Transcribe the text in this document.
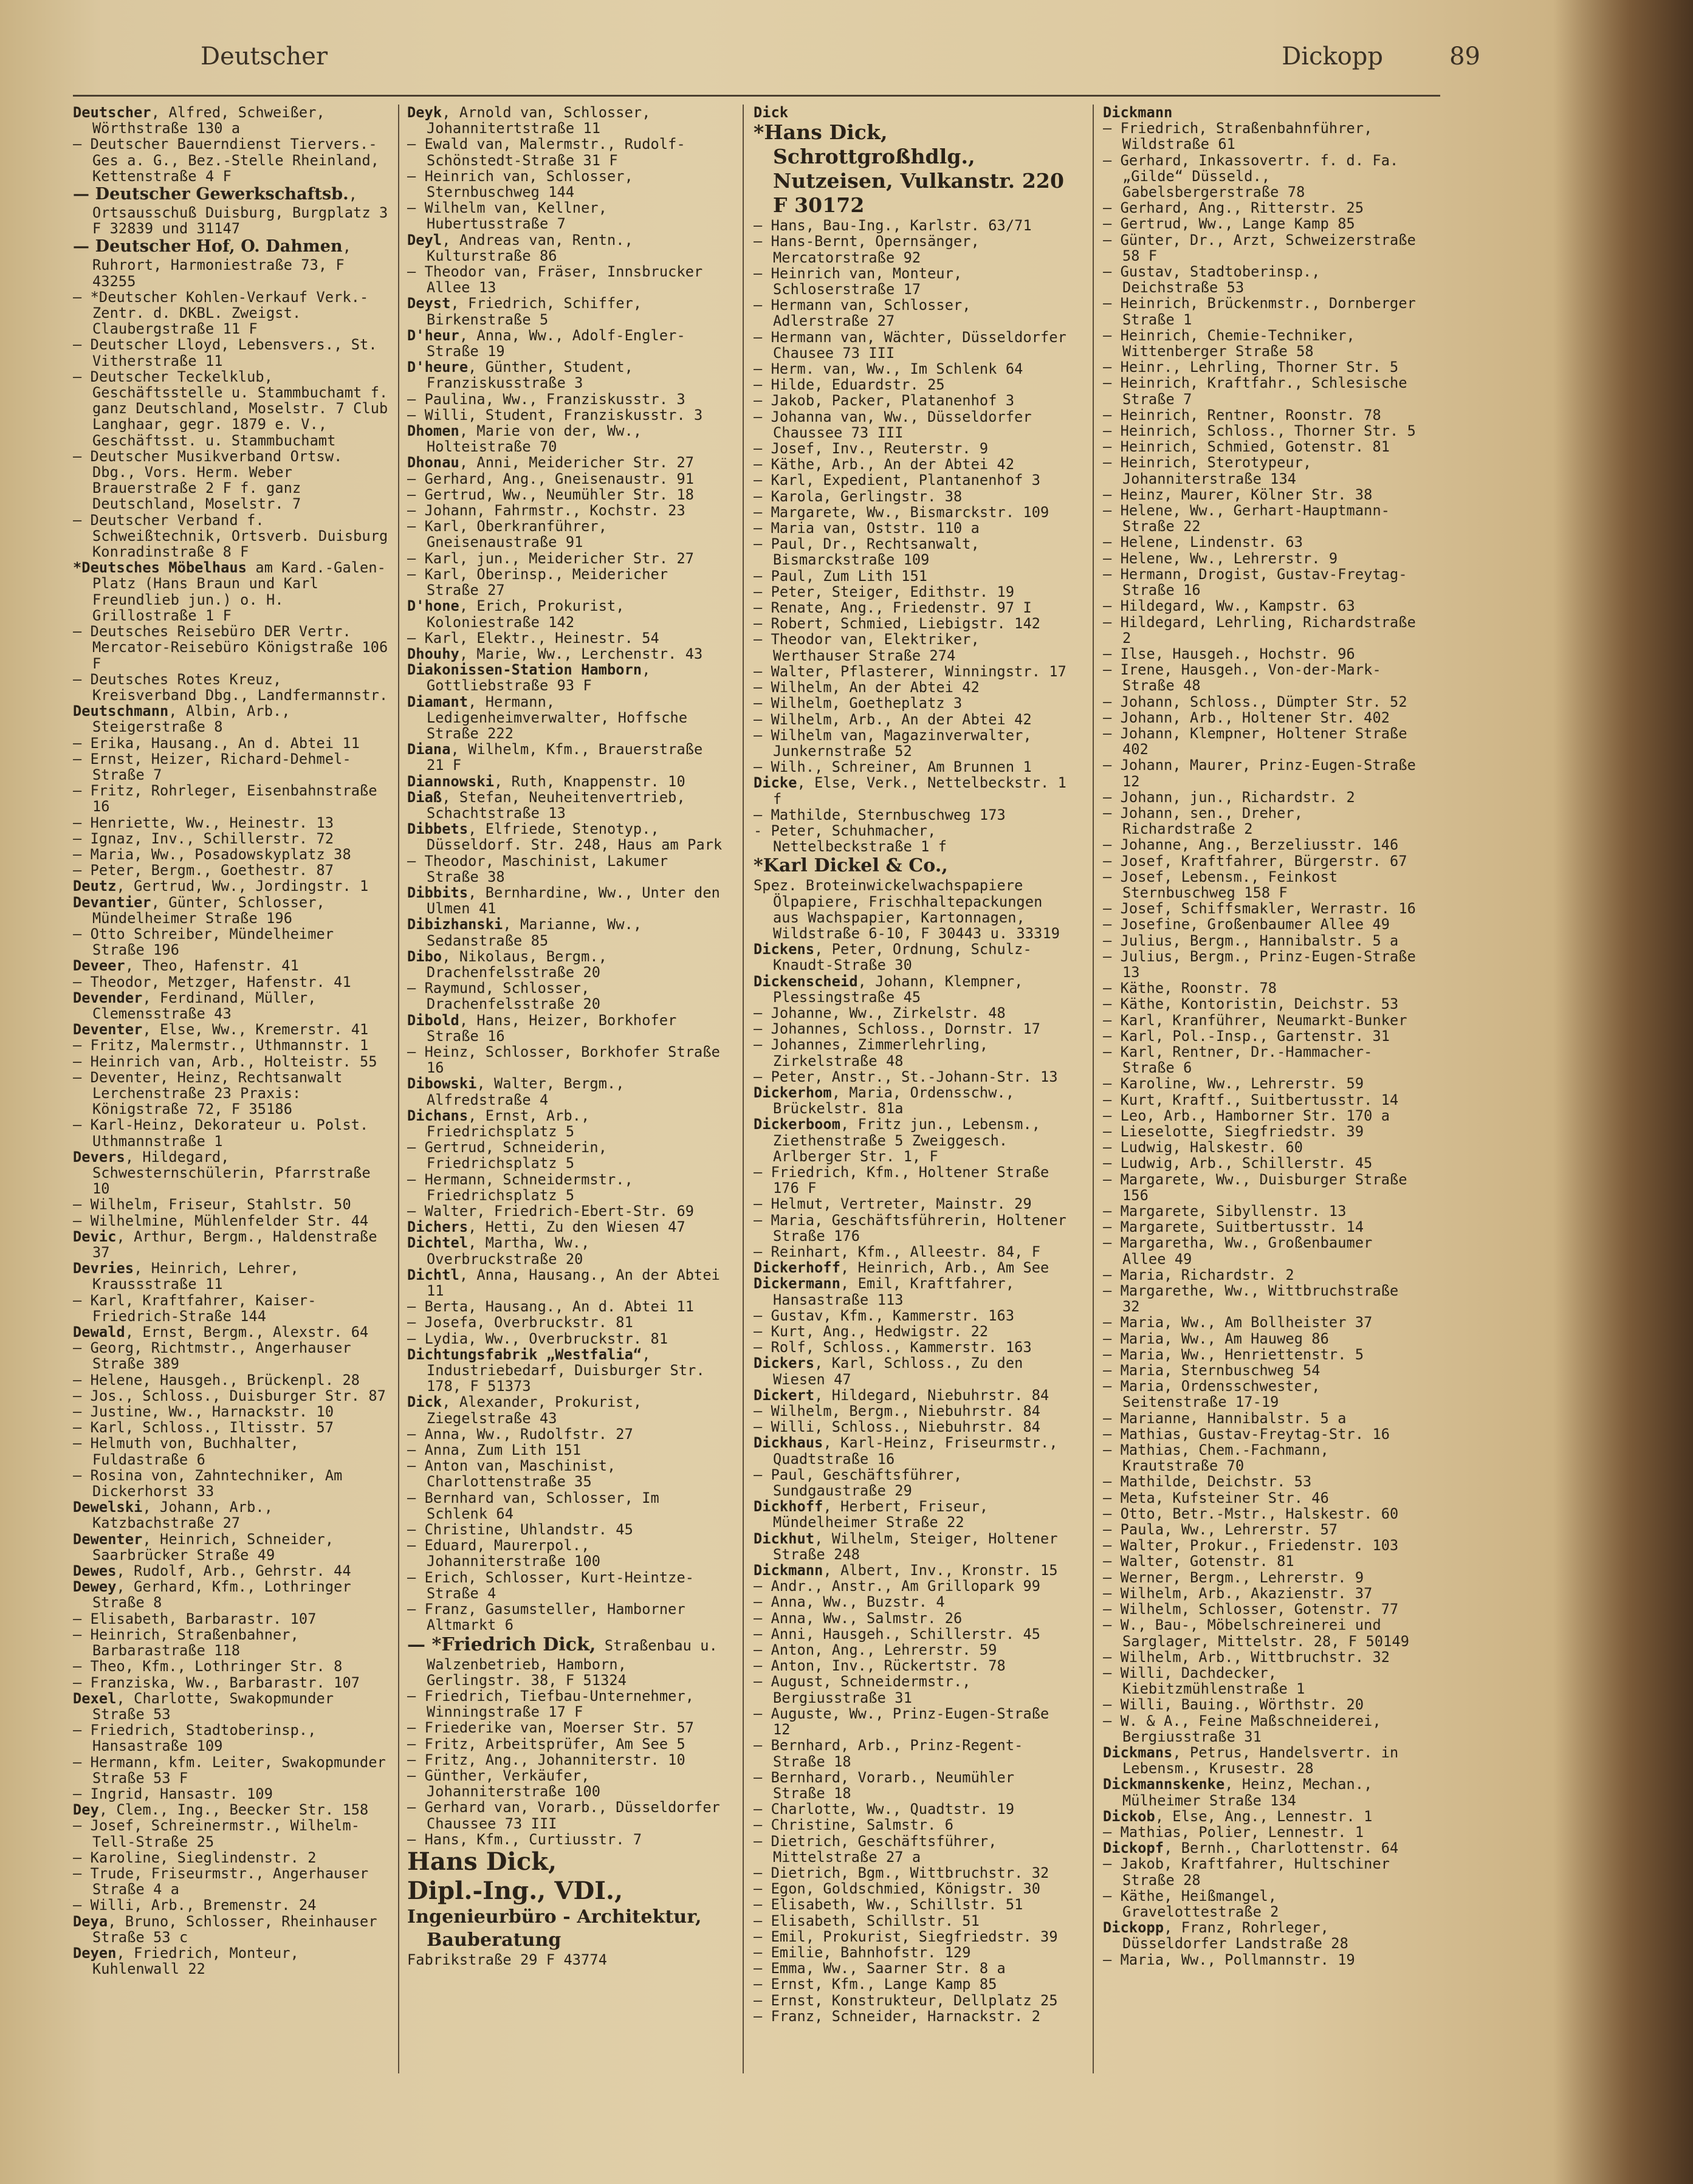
Deutscher	Dickopp	89

Deutscher, Alfred, Schweißer, Wörthstraße 130 a

— Deutscher Bauerndienst Tiervers.-Ges a. G., Bez.-Stelle Rheinland, Kettenstraße 4 F

— Deutscher Gewerkschaftsb., Ortsausschuß Duisburg, Burgplatz 3 F 32839 und 31147

— Deutscher Hof, O. Dahmen, Ruhrort, Harmoniestraße 73, F 43255

— *Deutscher Kohlen-Verkauf Verk.-Zentr. d. DKBL. Zweigst. Claubergstraße 11 F

— Deutscher Lloyd, Lebensvers., St. Vitherstraße 11

— Deutscher Teckelklub, Geschäftsstelle u. Stammbuchamt f. ganz Deutschland, Moselstr. 7 Club Langhaar, gegr. 1879 e. V., Geschäftsst. u. Stammbuchamt

— Deutscher Musikverband Ortsw. Dbg., Vors. Herm. Weber Brauerstraße 2 F f. ganz Deutschland, Moselstr. 7

— Deutscher Verband f. Schweißtechnik, Ortsverb. Duisburg Konradinstraße 8 F

*Deutsches Möbelhaus am Kard.-Galen-Platz (Hans Braun und Karl Freundlieb jun.) o. H. Grillostraße 1 F

— Deutsches Reisebüro DER Vertr. Mercator-Reisebüro Königstraße 106 F

— Deutsches Rotes Kreuz, Kreisverband Dbg., Landfermannstr.

Deutschmann, Albin, Arb., Steigerstraße 8

— Erika, Hausang., An d. Abtei 11

— Ernst, Heizer, Richard-Dehmel-Straße 7

— Fritz, Rohrleger, Eisenbahnstraße 16

— Henriette, Ww., Heinestr. 13

— Ignaz, Inv., Schillerstr. 72

— Maria, Ww., Posadowskyplatz 38

— Peter, Bergm., Goethestr. 87

Deutz, Gertrud, Ww., Jordingstr. 1

Devantier, Günter, Schlosser, Mündelheimer Straße 196

— Otto Schreiber, Mündelheimer Straße 196

Deveer, Theo, Hafenstr. 41

— Theodor, Metzger, Hafenstr. 41

Devender, Ferdinand, Müller, Clemensstraße 43

Deventer, Else, Ww., Kremerstr. 41

— Fritz, Malermstr., Uthmannstr. 1

— Heinrich van, Arb., Holteistr. 55

— Deventer, Heinz, Rechtsanwalt Lerchenstraße 23 Praxis: Königstraße 72, F 35186

— Karl-Heinz, Dekorateur u. Polst. Uthmannstraße 1

Devers, Hildegard, Schwesternschülerin, Pfarrstraße 10

— Wilhelm, Friseur, Stahlstr. 50

— Wilhelmine, Mühlenfelder Str. 44

Devic, Arthur, Bergm., Haldenstraße 37

Devries, Heinrich, Lehrer, Kraussstraße 11

— Karl, Kraftfahrer, Kaiser-Friedrich-Straße 144

Dewald, Ernst, Bergm., Alexstr. 64

— Georg, Richtmstr., Angerhauser Straße 389

— Helene, Hausgeh., Brückenpl. 28

— Jos., Schloss., Duisburger Str. 87

— Justine, Ww., Harnackstr. 10

— Karl, Schloss., Iltisstr. 57

— Helmuth von, Buchhalter, Fuldastraße 6

— Rosina von, Zahntechniker, Am Dickerhorst 33

Dewelski, Johann, Arb., Katzbachstraße 27

Dewenter, Heinrich, Schneider, Saarbrücker Straße 49

Dewes, Rudolf, Arb., Gehrstr. 44

Dewey, Gerhard, Kfm., Lothringer Straße 8

— Elisabeth, Barbarastr. 107

— Heinrich, Straßenbahner, Barbarastraße 118

— Theo, Kfm., Lothringer Str. 8

— Franziska, Ww., Barbarastr. 107

Dexel, Charlotte, Swakopmunder Straße 53

— Friedrich, Stadtoberinsp., Hansastraße 109

— Hermann, kfm. Leiter, Swakopmunder Straße 53 F

— Ingrid, Hansastr. 109

Dey, Clem., Ing., Beecker Str. 158

— Josef, Schreinermstr., Wilhelm-Tell-Straße 25

— Karoline, Sieglindenstr. 2

— Trude, Friseurmstr., Angerhauser Straße 4 a

— Willi, Arb., Bremenstr. 24

Deya, Bruno, Schlosser, Rheinhauser Straße 53 c

Deyen, Friedrich, Monteur, Kuhlenwall 22

Deyk, Arnold van, Schlosser, Johannitertstraße 11

— Ewald van, Malermstr., Rudolf-Schönstedt-Straße 31 F

— Heinrich van, Schlosser, Sternbuschweg 144

— Wilhelm van, Kellner, Hubertusstraße 7

Deyl, Andreas van, Rentn., Kulturstraße 86

— Theodor van, Fräser, Innsbrucker Allee 13

Deyst, Friedrich, Schiffer, Birkenstraße 5

D'heur, Anna, Ww., Adolf-Engler-Straße 19

D'heure, Günther, Student, Franziskusstraße 3

— Paulina, Ww., Franziskusstr. 3

— Willi, Student, Franziskusstr. 3

Dhomen, Marie von der, Ww., Holteistraße 70

Dhonau, Anni, Meidericher Str. 27

— Gerhard, Ang., Gneisenaustr. 91

— Gertrud, Ww., Neumühler Str. 18

— Johann, Fahrmstr., Kochstr. 23

— Karl, Oberkranführer, Gneisenaustraße 91

— Karl, jun., Meidericher Str. 27

— Karl, Oberinsp., Meidericher Straße 27

D'hone, Erich, Prokurist, Koloniestraße 142

— Karl, Elektr., Heinestr. 54

Dhouhy, Marie, Ww., Lerchenstr. 43

Diakonissen-Station Hamborn, Gottliebstraße 93 F

Diamant, Hermann, Ledigenheimverwalter, Hoffsche Straße 222

Diana, Wilhelm, Kfm., Brauerstraße 21 F

Diannowski, Ruth, Knappenstr. 10

Diaß, Stefan, Neuheitenvertrieb, Schachtstraße 13

Dibbets, Elfriede, Stenotyp., Düsseldorf. Str. 248, Haus am Park

— Theodor, Maschinist, Lakumer Straße 38

Dibbits, Bernhardine, Ww., Unter den Ulmen 41

Dibizhanski, Marianne, Ww., Sedanstraße 85

Dibo, Nikolaus, Bergm., Drachenfelsstraße 20

— Raymund, Schlosser, Drachenfelsstraße 20

Dibold, Hans, Heizer, Borkhofer Straße 16

— Heinz, Schlosser, Borkhofer Straße 16

Dibowski, Walter, Bergm., Alfredstraße 4

Dichans, Ernst, Arb., Friedrichsplatz 5

— Gertrud, Schneiderin, Friedrichsplatz 5

— Hermann, Schneidermstr., Friedrichsplatz 5

— Walter, Friedrich-Ebert-Str. 69

Dichers, Hetti, Zu den Wiesen 47

Dichtel, Martha, Ww., Overbruckstraße 20

Dichtl, Anna, Hausang., An der Abtei 11

— Berta, Hausang., An d. Abtei 11

— Josefa, Overbruckstr. 81

— Lydia, Ww., Overbruckstr. 81

Dichtungsfabrik „Westfalia“, Industriebedarf, Duisburger Str. 178, F 51373

Dick, Alexander, Prokurist, Ziegelstraße 43

— Anna, Ww., Rudolfstr. 27

— Anna, Zum Lith 151

— Anton van, Maschinist, Charlottenstraße 35

— Bernhard van, Schlosser, Im Schlenk 64

— Christine, Uhlandstr. 45

— Eduard, Maurerpol., Johanniterstraße 100

— Erich, Schlosser, Kurt-Heintze-Straße 4

— Franz, Gasumsteller, Hamborner Altmarkt 6

— *Friedrich Dick, Straßenbau u. Walzenbetrieb, Hamborn, Gerlingstr. 38, F 51324

— Friedrich, Tiefbau-Unternehmer, Winningstraße 17 F

— Friederike van, Moerser Str. 57

— Fritz, Arbeitsprüfer, Am See 5

— Fritz, Ang., Johanniterstr. 10

— Günther, Verkäufer, Johanniterstraße 100

— Gerhard van, Vorarb., Düsseldorfer Chaussee 73 III

— Hans, Kfm., Curtiusstr. 7

Hans Dick,

Dipl.-Ing., VDI.,

Ingenieurbüro - Architektur, Bauberatung

Fabrikstraße 29 F 43774

Dick

*Hans Dick, Schrottgroßhdlg., Nutzeisen, Vulkanstr. 220 F 30172

— Hans, Bau-Ing., Karlstr. 63/71

— Hans-Bernt, Opernsänger, Mercatorstraße 92

— Heinrich van, Monteur, Schloserstraße 17

— Hermann van, Schlosser, Adlerstraße 27

— Hermann van, Wächter, Düsseldorfer Chausee 73 III

— Herm. van, Ww., Im Schlenk 64

— Hilde, Eduardstr. 25

— Jakob, Packer, Platanenhof 3

— Johanna van, Ww., Düsseldorfer Chaussee 73 III

— Josef, Inv., Reuterstr. 9

— Käthe, Arb., An der Abtei 42

— Karl, Expedient, Plantanenhof 3

— Karola, Gerlingstr. 38

— Margarete, Ww., Bismarckstr. 109

— Maria van, Oststr. 110 a

— Paul, Dr., Rechtsanwalt, Bismarckstraße 109

— Paul, Zum Lith 151

— Peter, Steiger, Edithstr. 19

— Renate, Ang., Friedenstr. 97 I

— Robert, Schmied, Liebigstr. 142

— Theodor van, Elektriker, Werthauser Straße 274

— Walter, Pflasterer, Winningstr. 17

— Wilhelm, An der Abtei 42

— Wilhelm, Goetheplatz 3

— Wilhelm, Arb., An der Abtei 42

— Wilhelm van, Magazinverwalter, Junkernstraße 52

— Wilh., Schreiner, Am Brunnen 1

Dicke, Else, Verk., Nettelbeckstr. 1 f

— Mathilde, Sternbuschweg 173

- Peter, Schuhmacher, Nettelbeckstraße 1 f

*Karl Dickel & Co.,

Spez. Broteinwickelwachspapiere Ölpapiere, Frischhaltepackungen aus Wachspapier, Kartonnagen, Wildstraße 6-10, F 30443 u. 33319

Dickens, Peter, Ordnung, Schulz-Knaudt-Straße 30

Dickenscheid, Johann, Klempner, Plessingstraße 45

— Johanne, Ww., Zirkelstr. 48

— Johannes, Schloss., Dornstr. 17

— Johannes, Zimmerlehrling, Zirkelstraße 48

— Peter, Anstr., St.-Johann-Str. 13

Dickerhom, Maria, Ordensschw., Brückelstr. 81a

Dickerboom, Fritz jun., Lebensm., Ziethenstraße 5 Zweiggesch. Arlberger Str. 1, F

— Friedrich, Kfm., Holtener Straße 176 F

— Helmut, Vertreter, Mainstr. 29

— Maria, Geschäftsführerin, Holtener Straße 176

— Reinhart, Kfm., Alleestr. 84, F

Dickerhoff, Heinrich, Arb., Am See

Dickermann, Emil, Kraftfahrer, Hansastraße 113

— Gustav, Kfm., Kammerstr. 163

— Kurt, Ang., Hedwigstr. 22

— Rolf, Schloss., Kammerstr. 163

Dickers, Karl, Schloss., Zu den Wiesen 47

Dickert, Hildegard, Niebuhrstr. 84

— Wilhelm, Bergm., Niebuhrstr. 84

— Willi, Schloss., Niebuhrstr. 84

Dickhaus, Karl-Heinz, Friseurmstr., Quadtstraße 16

— Paul, Geschäftsführer, Sundgaustraße 29

Dickhoff, Herbert, Friseur, Mündelheimer Straße 22

Dickhut, Wilhelm, Steiger, Holtener Straße 248

Dickmann, Albert, Inv., Kronstr. 15

— Andr., Anstr., Am Grillopark 99

— Anna, Ww., Buzstr. 4

— Anna, Ww., Salmstr. 26

— Anni, Hausgeh., Schillerstr. 45

— Anton, Ang., Lehrerstr. 59

— Anton, Inv., Rückertstr. 78

— August, Schneidermstr., Bergiusstraße 31

— Auguste, Ww., Prinz-Eugen-Straße 12

— Bernhard, Arb., Prinz-Regent-Straße 18

— Bernhard, Vorarb., Neumühler Straße 18

— Charlotte, Ww., Quadtstr. 19

— Christine, Salmstr. 6

— Dietrich, Geschäftsführer, Mittelstraße 27 a

— Dietrich, Bgm., Wittbruchstr. 32

— Egon, Goldschmied, Königstr. 30

— Elisabeth, Ww., Schillstr. 51

— Elisabeth, Schillstr. 51

— Emil, Prokurist, Siegfriedstr. 39

— Emilie, Bahnhofstr. 129

— Emma, Ww., Saarner Str. 8 a

— Ernst, Kfm., Lange Kamp 85

— Ernst, Konstrukteur, Dellplatz 25

— Franz, Schneider, Harnackstr. 2

Dickmann

— Friedrich, Straßenbahnführer, Wildstraße 61

— Gerhard, Inkassovertr. f. d. Fa. „Gilde“ Düsseld., Gabelsbergerstraße 78

— Gerhard, Ang., Ritterstr. 25

— Gertrud, Ww., Lange Kamp 85

— Günter, Dr., Arzt, Schweizerstraße 58 F

— Gustav, Stadtoberinsp., Deichstraße 53

— Heinrich, Brückenmstr., Dornberger Straße 1

— Heinrich, Chemie-Techniker, Wittenberger Straße 58

— Heinr., Lehrling, Thorner Str. 5

— Heinrich, Kraftfahr., Schlesische Straße 7

— Heinrich, Rentner, Roonstr. 78

— Heinrich, Schloss., Thorner Str. 5

— Heinrich, Schmied, Gotenstr. 81

— Heinrich, Sterotypeur, Johanniterstraße 134

— Heinz, Maurer, Kölner Str. 38

— Helene, Ww., Gerhart-Hauptmann-Straße 22

— Helene, Lindenstr. 63

— Helene, Ww., Lehrerstr. 9

— Hermann, Drogist, Gustav-Freytag-Straße 16

— Hildegard, Ww., Kampstr. 63

— Hildegard, Lehrling, Richardstraße 2

— Ilse, Hausgeh., Hochstr. 96

— Irene, Hausgeh., Von-der-Mark-Straße 48

— Johann, Schloss., Dümpter Str. 52

— Johann, Arb., Holtener Str. 402

— Johann, Klempner, Holtener Straße 402

— Johann, Maurer, Prinz-Eugen-Straße 12

— Johann, jun., Richardstr. 2

— Johann, sen., Dreher, Richardstraße 2

— Johanne, Ang., Berzeliusstr. 146

— Josef, Kraftfahrer, Bürgerstr. 67

— Josef, Lebensm., Feinkost Sternbuschweg 158 F

— Josef, Schiffsmakler, Werrastr. 16

— Josefine, Großenbaumer Allee 49

— Julius, Bergm., Hannibalstr. 5 a

— Julius, Bergm., Prinz-Eugen-Straße 13

— Käthe, Roonstr. 78

— Käthe, Kontoristin, Deichstr. 53

— Karl, Kranführer, Neumarkt-Bunker

— Karl, Pol.-Insp., Gartenstr. 31

— Karl, Rentner, Dr.-Hammacher-Straße 6

— Karoline, Ww., Lehrerstr. 59

— Kurt, Kraftf., Suitbertusstr. 14

— Leo, Arb., Hamborner Str. 170 a

— Lieselotte, Siegfriedstr. 39

— Ludwig, Halskestr. 60

— Ludwig, Arb., Schillerstr. 45

— Margarete, Ww., Duisburger Straße 156

— Margarete, Sibyllenstr. 13

— Margarete, Suitbertusstr. 14

— Margaretha, Ww., Großenbaumer Allee 49

— Maria, Richardstr. 2

— Margarethe, Ww., Wittbruchstraße 32

— Maria, Ww., Am Bollheister 37

— Maria, Ww., Am Hauweg 86

— Maria, Ww., Henriettenstr. 5

— Maria, Sternbuschweg 54

— Maria, Ordensschwester, Seitenstraße 17-19

— Marianne, Hannibalstr. 5 a

— Mathias, Gustav-Freytag-Str. 16

— Mathias, Chem.-Fachmann, Krautstraße 70

— Mathilde, Deichstr. 53

— Meta, Kufsteiner Str. 46

— Otto, Betr.-Mstr., Halskestr. 60

— Paula, Ww., Lehrerstr. 57

— Walter, Prokur., Friedenstr. 103

— Walter, Gotenstr. 81

— Werner, Bergm., Lehrerstr. 9

— Wilhelm, Arb., Akazienstr. 37

— Wilhelm, Schlosser, Gotenstr. 77

— W., Bau-, Möbelschreinerei und Sarglager, Mittelstr. 28, F 50149

— Wilhelm, Arb., Wittbruchstr. 32

— Willi, Dachdecker, Kiebitzmühlenstraße 1

— Willi, Bauing., Wörthstr. 20

— W. & A., Feine Maßschneiderei, Bergiusstraße 31

Dickmans, Petrus, Handelsvertr. in Lebensm., Krusestr. 28

Dickmannskenke, Heinz, Mechan., Mülheimer Straße 134

Dickob, Else, Ang., Lennestr. 1

— Mathias, Polier, Lennestr. 1

Dickopf, Bernh., Charlottenstr. 64

— Jakob, Kraftfahrer, Hultschiner Straße 28

— Käthe, Heißmangel, Gravelottestraße 2

Dickopp, Franz, Rohrleger, Düsseldorfer Landstraße 28

— Maria, Ww., Pollmannstr. 19
